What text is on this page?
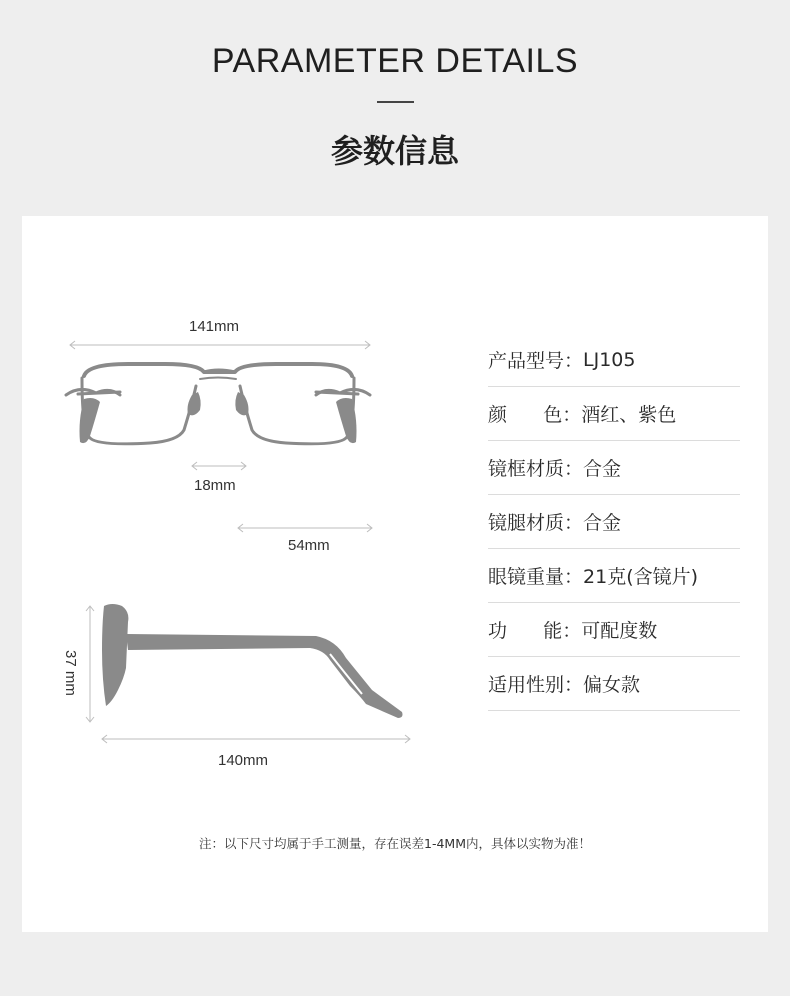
PARAMETER DETAILS
参数信息
141mm
18mm
54mm
37 mm
140mm
产品型号： LJ105
颜      色： 酒红、紫色
镜框材质： 合金
镜腿材质： 合金
眼镜重量： 21克(含镜片)
功      能： 可配度数
适用性别： 偏女款
注：以下尺寸均属于手工测量，存在误差1-4MM内，具体以实物为准！
